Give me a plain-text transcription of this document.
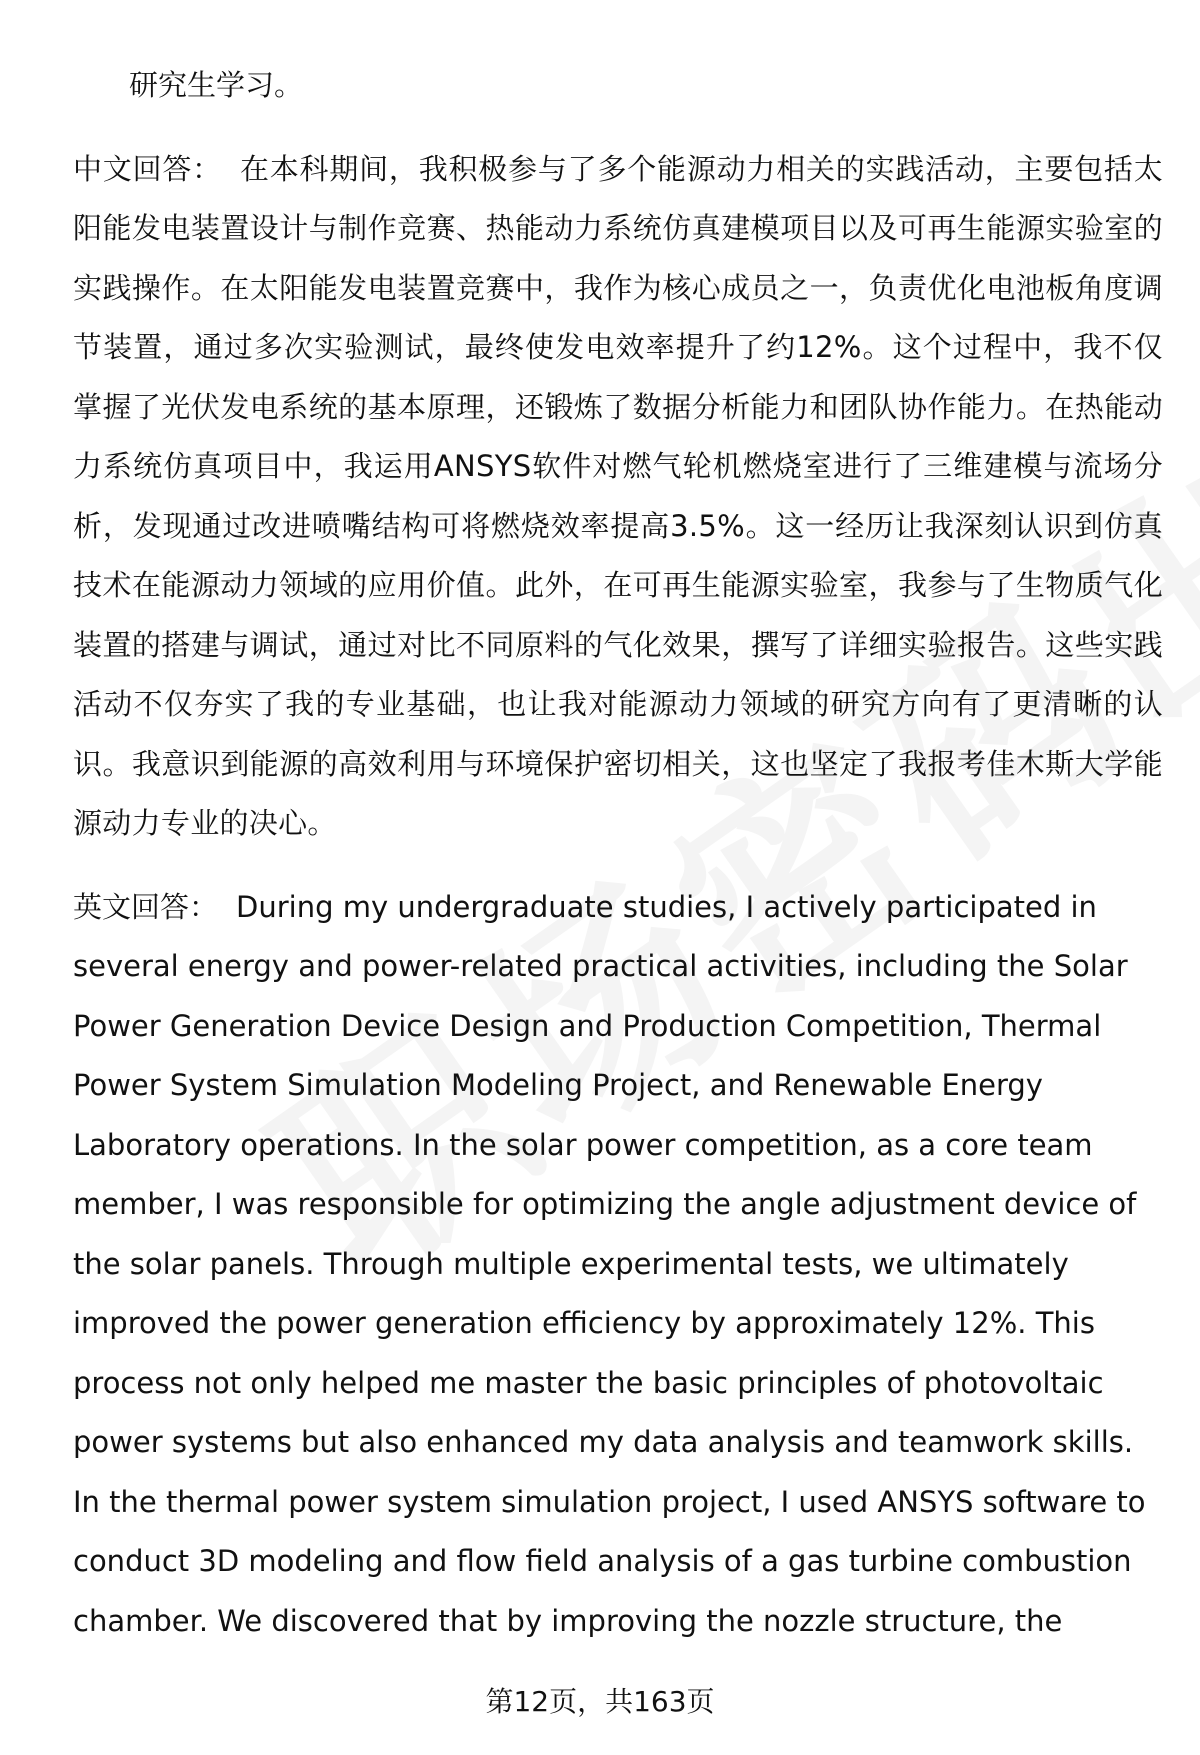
研究生学习。

中文回答： 在本科期间，我积极参与了多个能源动力相关的实践活动，主要包括太阳能发电装置设计与制作竞赛、热能动力系统仿真建模项目以及可再生能源实验室的实践操作。在太阳能发电装置竞赛中，我作为核心成员之一，负责优化电池板角度调节装置，通过多次实验测试，最终使发电效率提升了约12%。这个过程中，我不仅掌握了光伏发电系统的基本原理，还锻炼了数据分析能力和团队协作能力。在热能动力系统仿真项目中，我运用ANSYS软件对燃气轮机燃烧室进行了三维建模与流场分析，发现通过改进喷嘴结构可将燃烧效率提高3.5%。这一经历让我深刻认识到仿真技术在能源动力领域的应用价值。此外，在可再生能源实验室，我参与了生物质气化装置的搭建与调试，通过对比不同原料的气化效果，撰写了详细实验报告。这些实践活动不仅夯实了我的专业基础，也让我对能源动力领域的研究方向有了更清晰的认识。我意识到能源的高效利用与环境保护密切相关，这也坚定了我报考佳木斯大学能源动力专业的决心。

英文回答： During my undergraduate studies, I actively participated in several energy and power-related practical activities, including the Solar Power Generation Device Design and Production Competition, Thermal Power System Simulation Modeling Project, and Renewable Energy Laboratory operations. In the solar power competition, as a core team member, I was responsible for optimizing the angle adjustment device of the solar panels. Through multiple experimental tests, we ultimately improved the power generation efficiency by approximately 12%. This process not only helped me master the basic principles of photovoltaic power systems but also enhanced my data analysis and teamwork skills. In the thermal power system simulation project, I used ANSYS software to conduct 3D modeling and flow field analysis of a gas turbine combustion chamber. We discovered that by improving the nozzle structure, the

第12页，共163页
